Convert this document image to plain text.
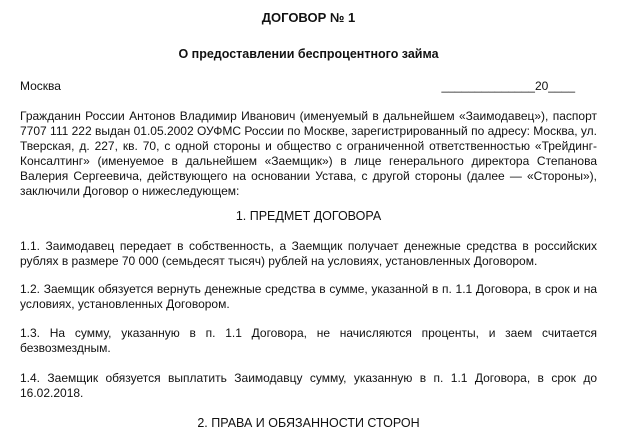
ДОГОВОР № 1
О предоставлении беспроцентного займа
Москва	______________20____

Гражданин России Антонов Владимир Иванович (именуемый в дальнейшем «Заимодавец»), паспорт 7707 111 222 выдан 01.05.2002 ОУФМС России по Москве, зарегистрированный по адресу: Москва, ул. Тверская, д. 227, кв. 70, с одной стороны и общество с ограниченной ответственностью «Трейдинг-Консалтинг» (именуемое в дальнейшем «Заемщик») в лице генерального директора Степанова Валерия Сергеевича, действующего на основании Устава, с другой стороны (далее — «Стороны»), заключили Договор о нижеследующем:

1. ПРЕДМЕТ ДОГОВОРА

1.1. Заимодавец передает в собственность, а Заемщик получает денежные средства в российских рублях в размере 70 000 (семьдесят тысяч) рублей на условиях, установленных Договором.

1.2. Заемщик обязуется вернуть денежные средства в сумме, указанной в п. 1.1 Договора, в срок и на условиях, установленных Договором.

1.3. На сумму, указанную в п. 1.1 Договора, не начисляются проценты, и заем считается безвозмездным.

1.4. Заемщик обязуется выплатить Заимодавцу сумму, указанную в п. 1.1 Договора, в срок до 16.02.2018.

2. ПРАВА И ОБЯЗАННОСТИ СТОРОН
